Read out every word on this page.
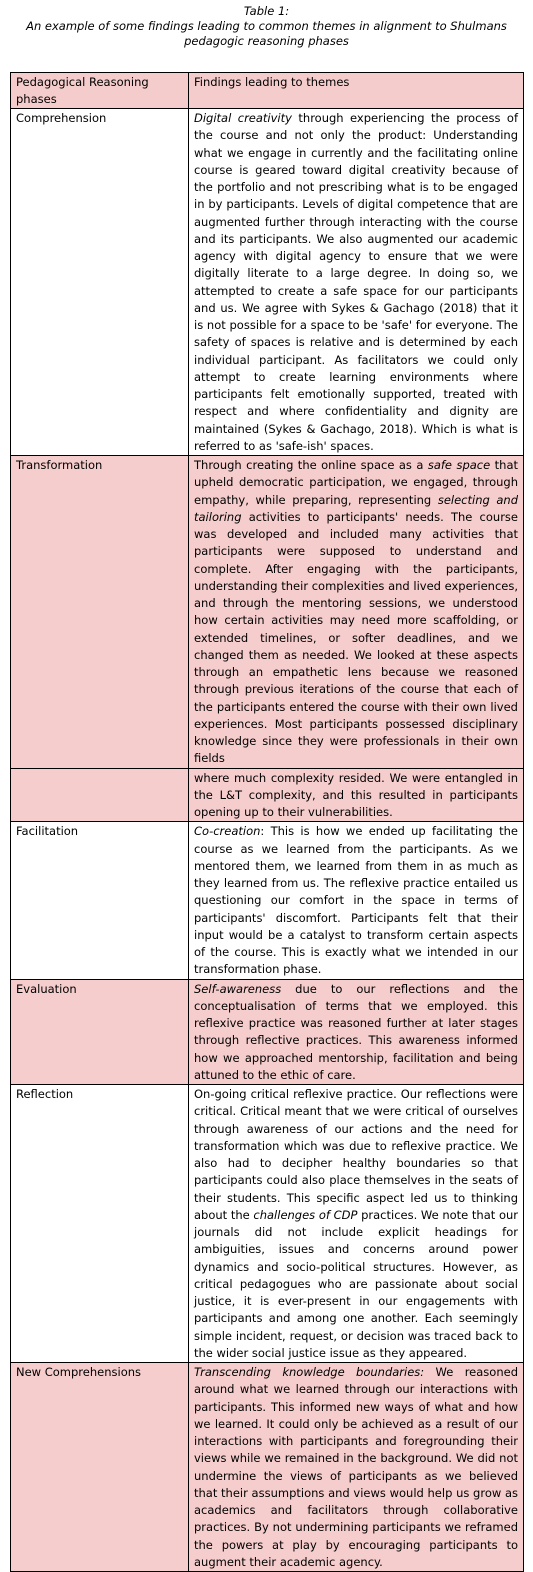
Table 1:
An example of some findings leading to common themes in alignment to Shulmans
pedagogic reasoning phases
Pedagogical Reasoning phases	Findings leading to themes
Comprehension	Digital creativity through experiencing the process of the course and not only the product: Understanding what we engage in currently and the facilitating online course is geared toward digital creativity because of the portfolio and not prescribing what is to be engaged in by participants. Levels of digital competence that are augmented further through interacting with the course and its participants. We also augmented our academic agency with digital agency to ensure that we were digitally literate to a large degree. In doing so, we attempted to create a safe space for our participants and us. We agree with Sykes & Gachago (2018) that it is not possible for a space to be 'safe' for everyone. The safety of spaces is relative and is determined by each individual participant. As facilitators we could only attempt to create learning environments where participants felt emotionally supported, treated with respect and where confidentiality and dignity are maintained (Sykes & Gachago, 2018). Which is what is referred to as 'safe-ish' spaces.
Transformation	Through creating the online space as a safe space that upheld democratic participation, we engaged, through empathy, while preparing, representing selecting and tailoring activities to participants' needs. The course was developed and included many activities that participants were supposed to understand and complete. After engaging with the participants, understanding their complexities and lived experiences, and through the mentoring sessions, we understood how certain activities may need more scaffolding, or extended timelines, or softer deadlines, and we changed them as needed. We looked at these aspects through an empathetic lens because we reasoned through previous iterations of the course that each of the participants entered the course with their own lived experiences. Most participants possessed disciplinary knowledge since they were professionals in their own fields
	where much complexity resided. We were entangled in the L&T complexity, and this resulted in participants opening up to their vulnerabilities.
Facilitation	Co-creation: This is how we ended up facilitating the course as we learned from the participants. As we mentored them, we learned from them in as much as they learned from us. The reflexive practice entailed us questioning our comfort in the space in terms of participants' discomfort. Participants felt that their input would be a catalyst to transform certain aspects of the course. This is exactly what we intended in our transformation phase.
Evaluation	Self-awareness due to our reflections and the conceptualisation of terms that we employed. this reflexive practice was reasoned further at later stages through reflective practices. This awareness informed how we approached mentorship, facilitation and being attuned to the ethic of care.
Reflection	On-going critical reflexive practice. Our reflections were critical. Critical meant that we were critical of ourselves through awareness of our actions and the need for transformation which was due to reflexive practice. We also had to decipher healthy boundaries so that participants could also place themselves in the seats of their students. This specific aspect led us to thinking about the challenges of CDP practices. We note that our journals did not include explicit headings for ambiguities, issues and concerns around power dynamics and socio-political structures. However, as critical pedagogues who are passionate about social justice, it is ever-present in our engagements with participants and among one another. Each seemingly simple incident, request, or decision was traced back to the wider social justice issue as they appeared.
New Comprehensions	Transcending knowledge boundaries: We reasoned around what we learned through our interactions with participants. This informed new ways of what and how we learned. It could only be achieved as a result of our interactions with participants and foregrounding their views while we remained in the background. We did not undermine the views of participants as we believed that their assumptions and views would help us grow as academics and facilitators through collaborative practices. By not undermining participants we reframed the powers at play by encouraging participants to augment their academic agency.
